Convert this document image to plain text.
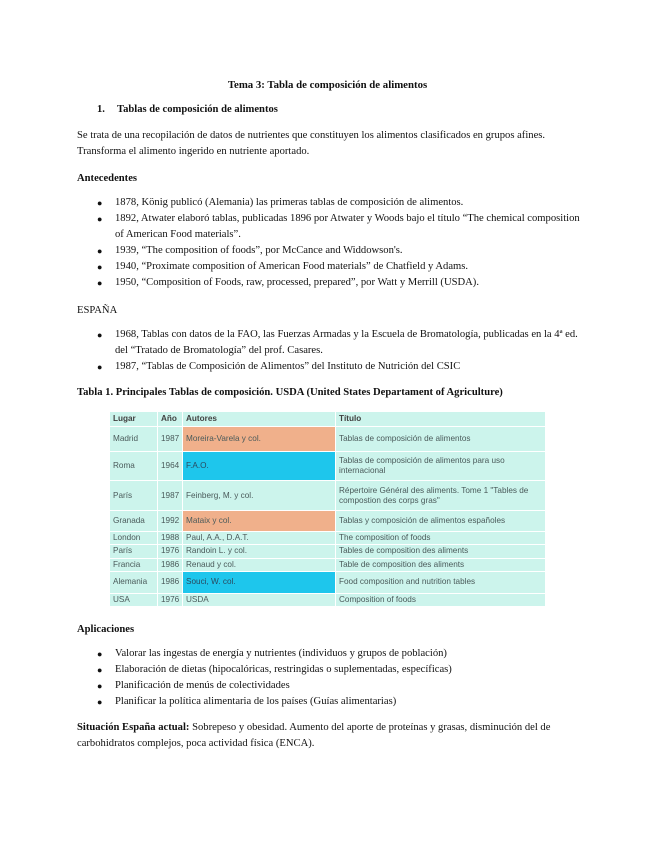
Tema 3: Tabla de composición de alimentos
1. Tablas de composición de alimentos
Se trata de una recopilación de datos de nutrientes que constituyen los alimentos clasificados en grupos afines. Transforma el alimento ingerido en nutriente aportado.
Antecedentes
● 1878, König publicó (Alemania) las primeras tablas de composición de alimentos.
● 1892, Atwater elaboró tablas, publicadas 1896 por Atwater y Woods bajo el título “The chemical composition of American Food materials”.
● 1939, “The composition of foods”, por McCance and Widdowson's.
● 1940, “Proximate composition of American Food materials” de Chatfield y Adams.
● 1950, “Composition of Foods, raw, processed, prepared”, por Watt y Merrill (USDA).
ESPAÑA
● 1968, Tablas con datos de la FAO, las Fuerzas Armadas y la Escuela de Bromatología, publicadas en la 4ª ed. del “Tratado de Bromatología” del prof. Casares.
● 1987, “Tablas de Composición de Alimentos” del Instituto de Nutrición del CSIC
Tabla 1. Principales Tablas de composición. USDA (United States Departament of Agriculture)
Lugar	Año	Autores	Título
Madrid	1987	Moreira-Varela y col.	Tablas de composición de alimentos
Roma	1964	F.A.O.	Tablas de composición de alimentos para uso internacional
París	1987	Feinberg, M. y col.	Répertoire Général des aliments. Tome 1 "Tables de compostion des corps gras"
Granada	1992	Mataix y col.	Tablas y composición de alimentos españoles
London	1988	Paul, A.A., D.A.T.	The composition of foods
París	1976	Randoin L. y col.	Tables de composition des aliments
Francia	1986	Renaud y col.	Table de composition des aliments
Alemania	1986	Souci, W. col.	Food composition and nutrition tables
USA	1976	USDA	Composition of foods
Aplicaciones
● Valorar las ingestas de energía y nutrientes (individuos y grupos de población)
● Elaboración de dietas (hipocalóricas, restringidas o suplementadas, específicas)
● Planificación de menús de colectividades
● Planificar la política alimentaria de los países (Guías alimentarias)
Situación España actual: Sobrepeso y obesidad. Aumento del aporte de proteínas y grasas, disminución del de carbohidratos complejos, poca actividad física (ENCA).
